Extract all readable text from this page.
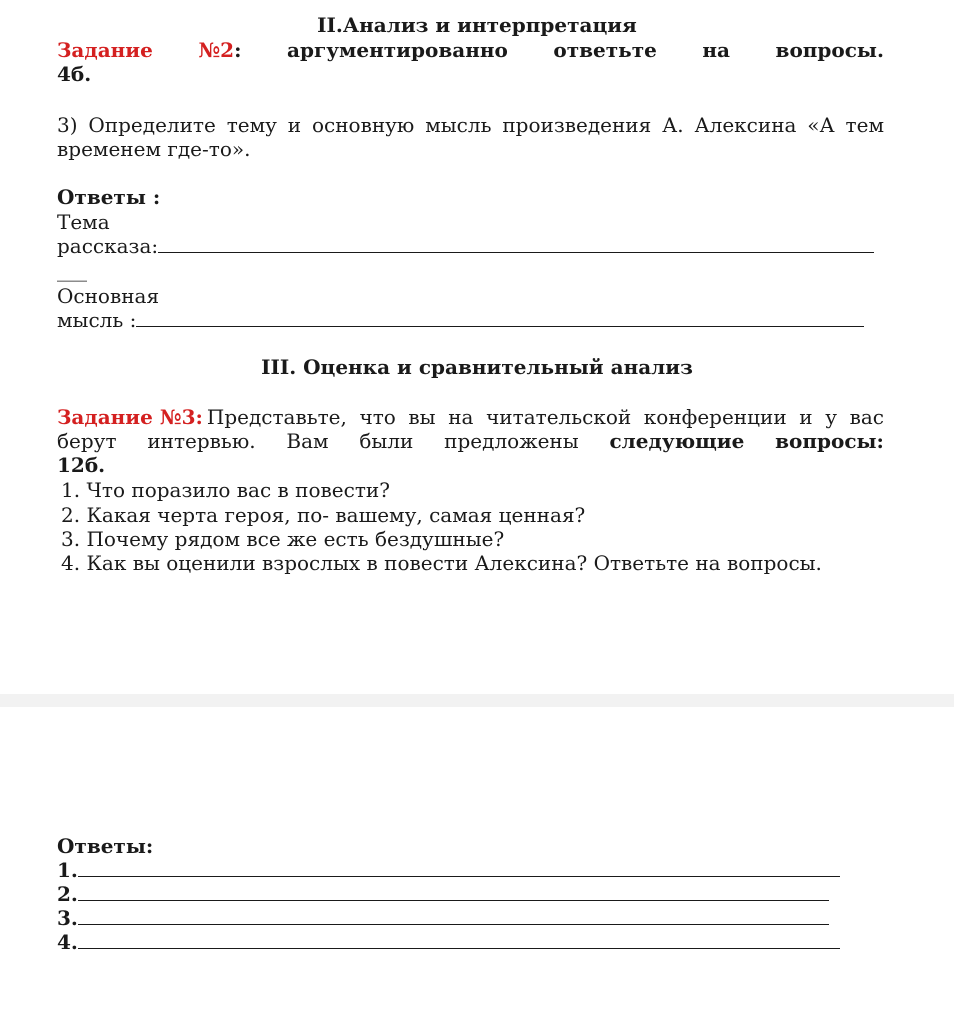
II.Анализ и интерпретация
Задание №2: аргументированно ответьте на вопросы.
4б.
3) Определите тему и основную мысль произведения А. Алексина «А тем
временем где-то».
Ответы :
Тема
рассказа:
___
Основная
мысль :
III. Оценка и сравнительный анализ
Задание №3: Представьте, что вы на читательской конференции и у вас
берут интервью. Вам были предложены следующие вопросы:
12б.
1. Что поразило вас в повести?
2. Какая черта героя, по- вашему, самая ценная?
3. Почему рядом все же есть бездушные?
4. Как вы оценили взрослых в повести Алексина? Ответьте на вопросы.
Ответы:
1.
2.
3.
4.
